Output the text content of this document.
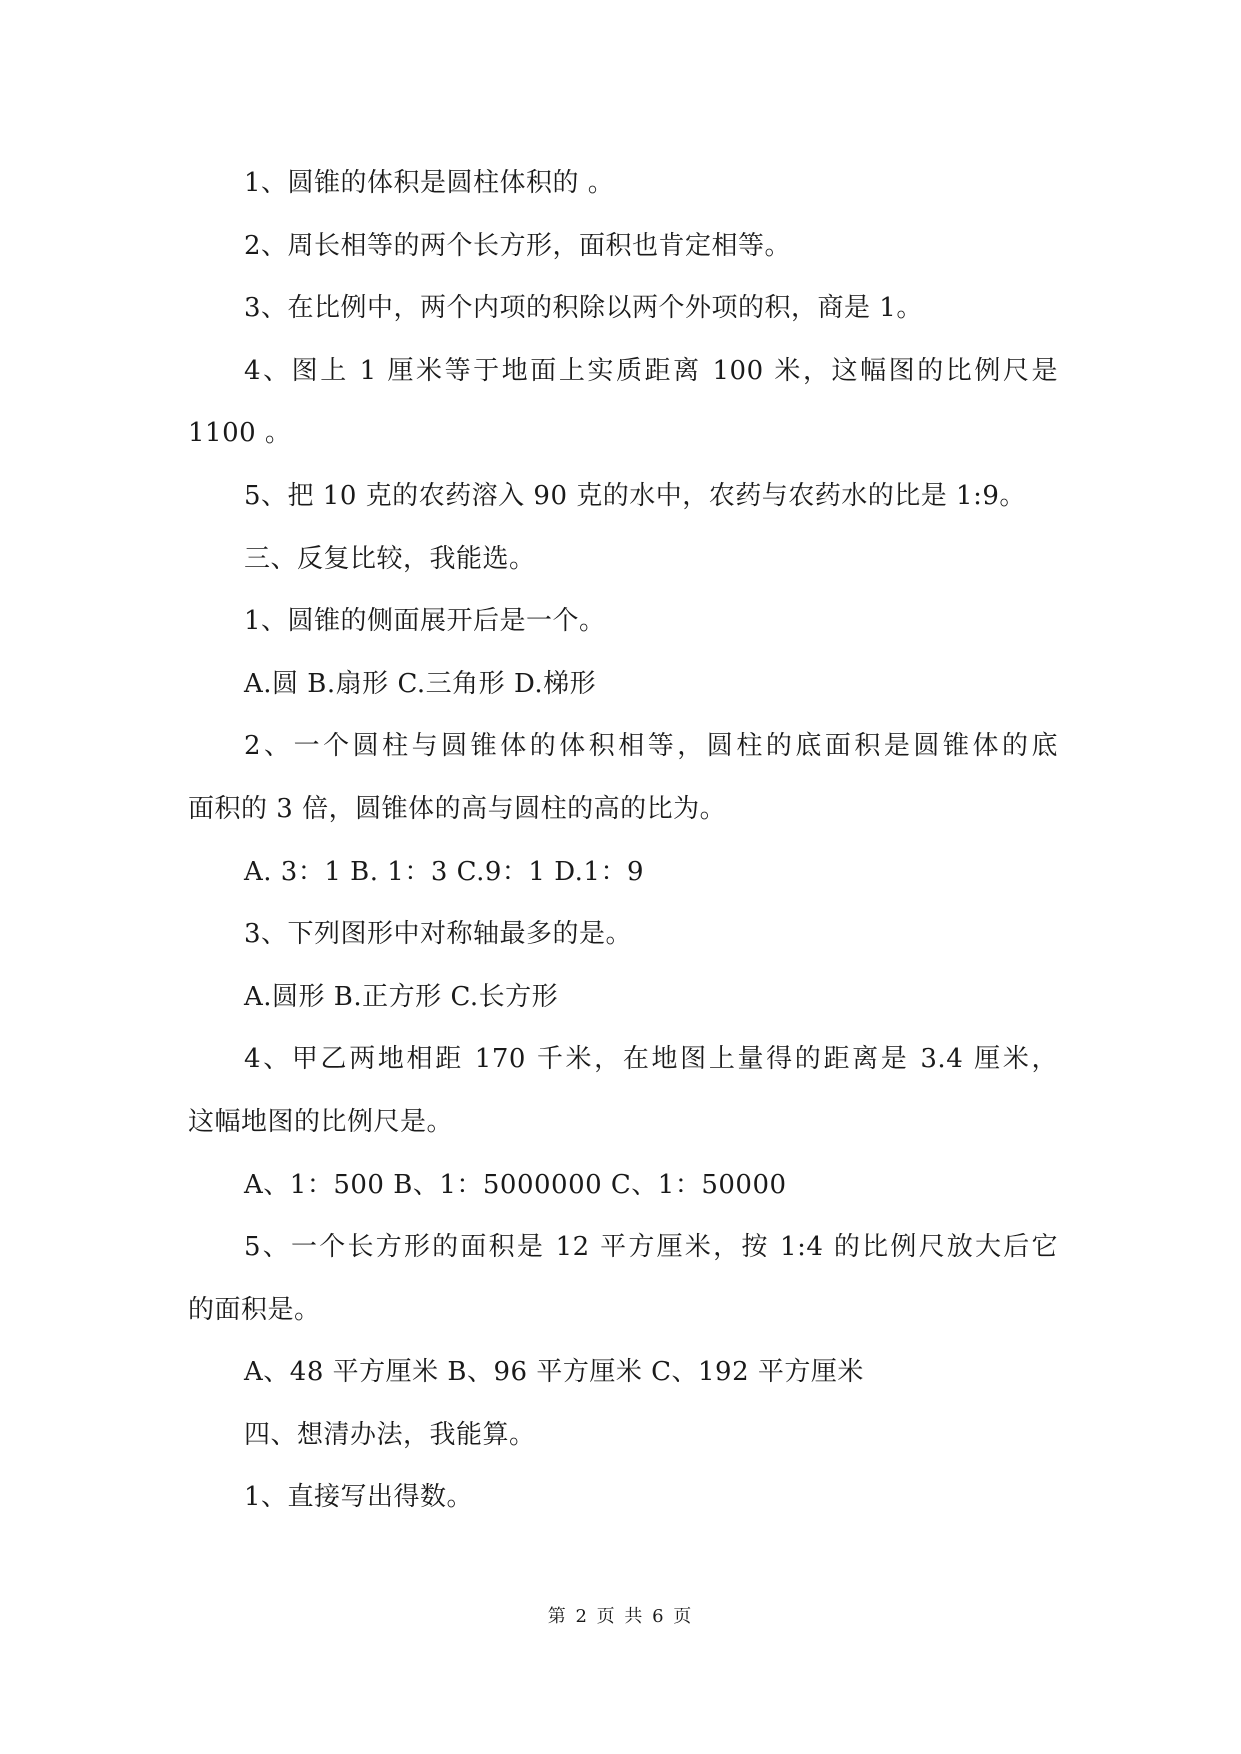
1、圆锥的体积是圆柱体积的 。
2、周长相等的两个长方形，面积也肯定相等。
3、在比例中，两个内项的积除以两个外项的积，商是 1。
4、图上 1 厘米等于地面上实质距离 100 米，这幅图的比例尺是
1100 。
5、把 10 克的农药溶入 90 克的水中，农药与农药水的比是 1:9。
三、反复比较，我能选。
1、圆锥的侧面展开后是一个。
A.圆 B.扇形 C.三角形 D.梯形
2、一个圆柱与圆锥体的体积相等，圆柱的底面积是圆锥体的底
面积的 3 倍，圆锥体的高与圆柱的高的比为。
A. 3：1 B. 1：3 C.9：1 D.1：9
3、下列图形中对称轴最多的是。
A.圆形 B.正方形 C.长方形
4、甲乙两地相距 170 千米，在地图上量得的距离是 3.4 厘米，
这幅地图的比例尺是。
A、1：500 B、1：5000000 C、1：50000
5、一个长方形的面积是 12 平方厘米，按 1:4 的比例尺放大后它
的面积是。
A、48 平方厘米 B、96 平方厘米 C、192 平方厘米
四、想清办法，我能算。
1、直接写出得数。
第 2 页 共 6 页
